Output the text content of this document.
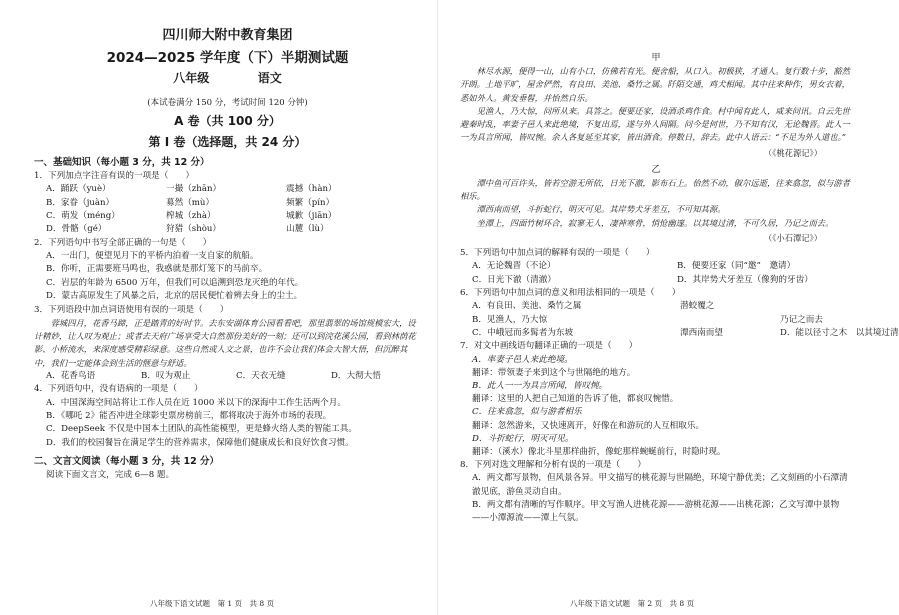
四川师大附中教育集团
2024—2025 学年度（下）半期测试题
八年级	语文
(本试卷满分 150 分，考试时间 120 分钟)
A 卷（共 100 分）
第 Ⅰ 卷（选择题，共 24 分）
一、基础知识（每小题 3 分，共 12 分）

1．下列加点字注音有误的一项是（　　）

A．踊跃（yuè）	一撮（zhān）	震撼（hàn）
B．家眷（juàn）	募然（mù）	频繁（pín）
C．萌发（méng）	榨城（zhà）	城歉（jiān）
D．骨骼（gé）	狩猎（shòu）	山麓（lù）

2．下列语句中书写全部正确的一句是（　　）

A．一出门，便望见月下的平桥内泊着一支自家的航船。

B．你听，正需要班马鸣也，我惑就是那灯笼下的马前卒。

C．岩层的年龄为 6500 万年，但我们可以追溯到恐龙灭绝的年代。

D．蒙古高原发生了风暴之后，北京的居民便忙着辨去身上的尘土。

3．下列语段中加点词语使用有误的一项是（　　）

蓉城四月，花香马蹄，正是踏青的好时节。去东安湖体育公园看看吧，那里翡翠的场馆规模宏大，设计精妙，让人叹为观止；或者去天府广场享受大自然那份美好的一刻；还可以到浣花溪公园，看到林荫花影、小桥流水，来深度感受精彩绿意。这些自然或人文之景，也许不会让我们体会大智大悟，但沉醉其中，我们一定能体会到生活的惬意与舒适。

A．花香鸟语	B．叹为观止	C．天衣无缝	D．大彻大悟

4．下列语句中，没有语病的一项是（　　）

A．中国深海空间站将让工作人员在近 1000 米以下的深海中工作生活两个月。

B．《哪吒 2》能否冲进全球影史票房榜前三，都将取决于海外市场的表现。

C．DeepSeek 不仅是中国本土团队的高性能模型，更是蜂火络人类的智能工具。

D．我们的校园餐旨在满足学生的营养需求，保障他们健康成长和良好饮食习惯。

二、文言文阅读（每小题 3 分，共 12 分）

阅读下面文言文，完成 6—8 题。

八年级下语文试题　第 1 页　共 8 页
甲

林尽水源，便得一山，山有小口，仿佛若有光。便舍船，从口入。初极狭，才通人。复行数十步，豁然开朗。土地平旷，屋舍俨然，有良田、美池、桑竹之属。阡陌交通，鸡犬相闻。其中往来种作，男女衣着，悉如外人。黄发垂髫，并怡然自乐。

见渔人，乃大惊，问所从来。具答之。便要还家，设酒杀鸡作食。村中闻有此人，咸来问讯。自云先世避秦时乱，率妻子邑人来此绝境，不复出焉，遂与外人间隔。问今是何世，乃不知有汉，无论魏晋。此人一一为具言所闻，皆叹惋。余人各复延至其家，皆出酒食。停数日，辞去。此中人语云：“不足为外人道也。”

（《桃花源记》）
乙

潭中鱼可百许头，皆若空游无所依，日光下澈，影布石上。佁然不动，俶尔远逝，往来翕忽，似与游者相乐。

潭西南而望，斗折蛇行，明灭可见。其岸势犬牙差互，不可知其源。

坐潭上，四面竹树环合，寂寥无人，凄神寒骨，悄怆幽邃。以其境过清，不可久居，乃记之而去。

（《小石潭记》）

5．下列语句中加点词的解释有误的一项是（　　）

A．无论魏晋（不论）	B．便要还家（同“邀”　邀请）
C．日光下澈（清澈）	D．其岸势犬牙差互（像狗的牙齿）

6．下列语句中加点词的意义和用法相同的一项是（　　）

A．有良田、美池、桑竹之属	潜蛟覆之
B．见渔人，乃大惊	乃记之而去
C．中峨冠而多髯者为东坡	潭西南而望	D．能以径寸之木　以其境过清

7．对文中画线语句翻译正确的一项是（　　）

A．率妻子邑人来此绝境。

翻译：带领妻子来到这个与世隔绝的地方。

B．此人一一为具言所闻，皆叹惋。

翻译：这里的人把自己知道的告诉了他，都哀叹惋惜。

C．往来翕忽，似与游者相乐

翻译：忽然游来，又快速离开，好像在和游玩的人互相取乐。

D．斗折蛇行，明灭可见。

翻译：（溪水）像北斗星那样曲折，像蛇那样蜿蜒前行，时隐时现。

8．下列对选文理解和分析有误的一项是（　　）

A．两文都写景物，但风景各异。甲文描写的桃花源与世隔绝，环境宁静优美；乙文刻画的小石潭清澈见底，游鱼灵动自由。

B．两文都有清晰的写作顺序。甲文写渔人进桃花源——游桃花源——出桃花源；乙文写潭中景物——小潭源流——潭上气氛。

八年级下语文试题　第 2 页　共 8 页
